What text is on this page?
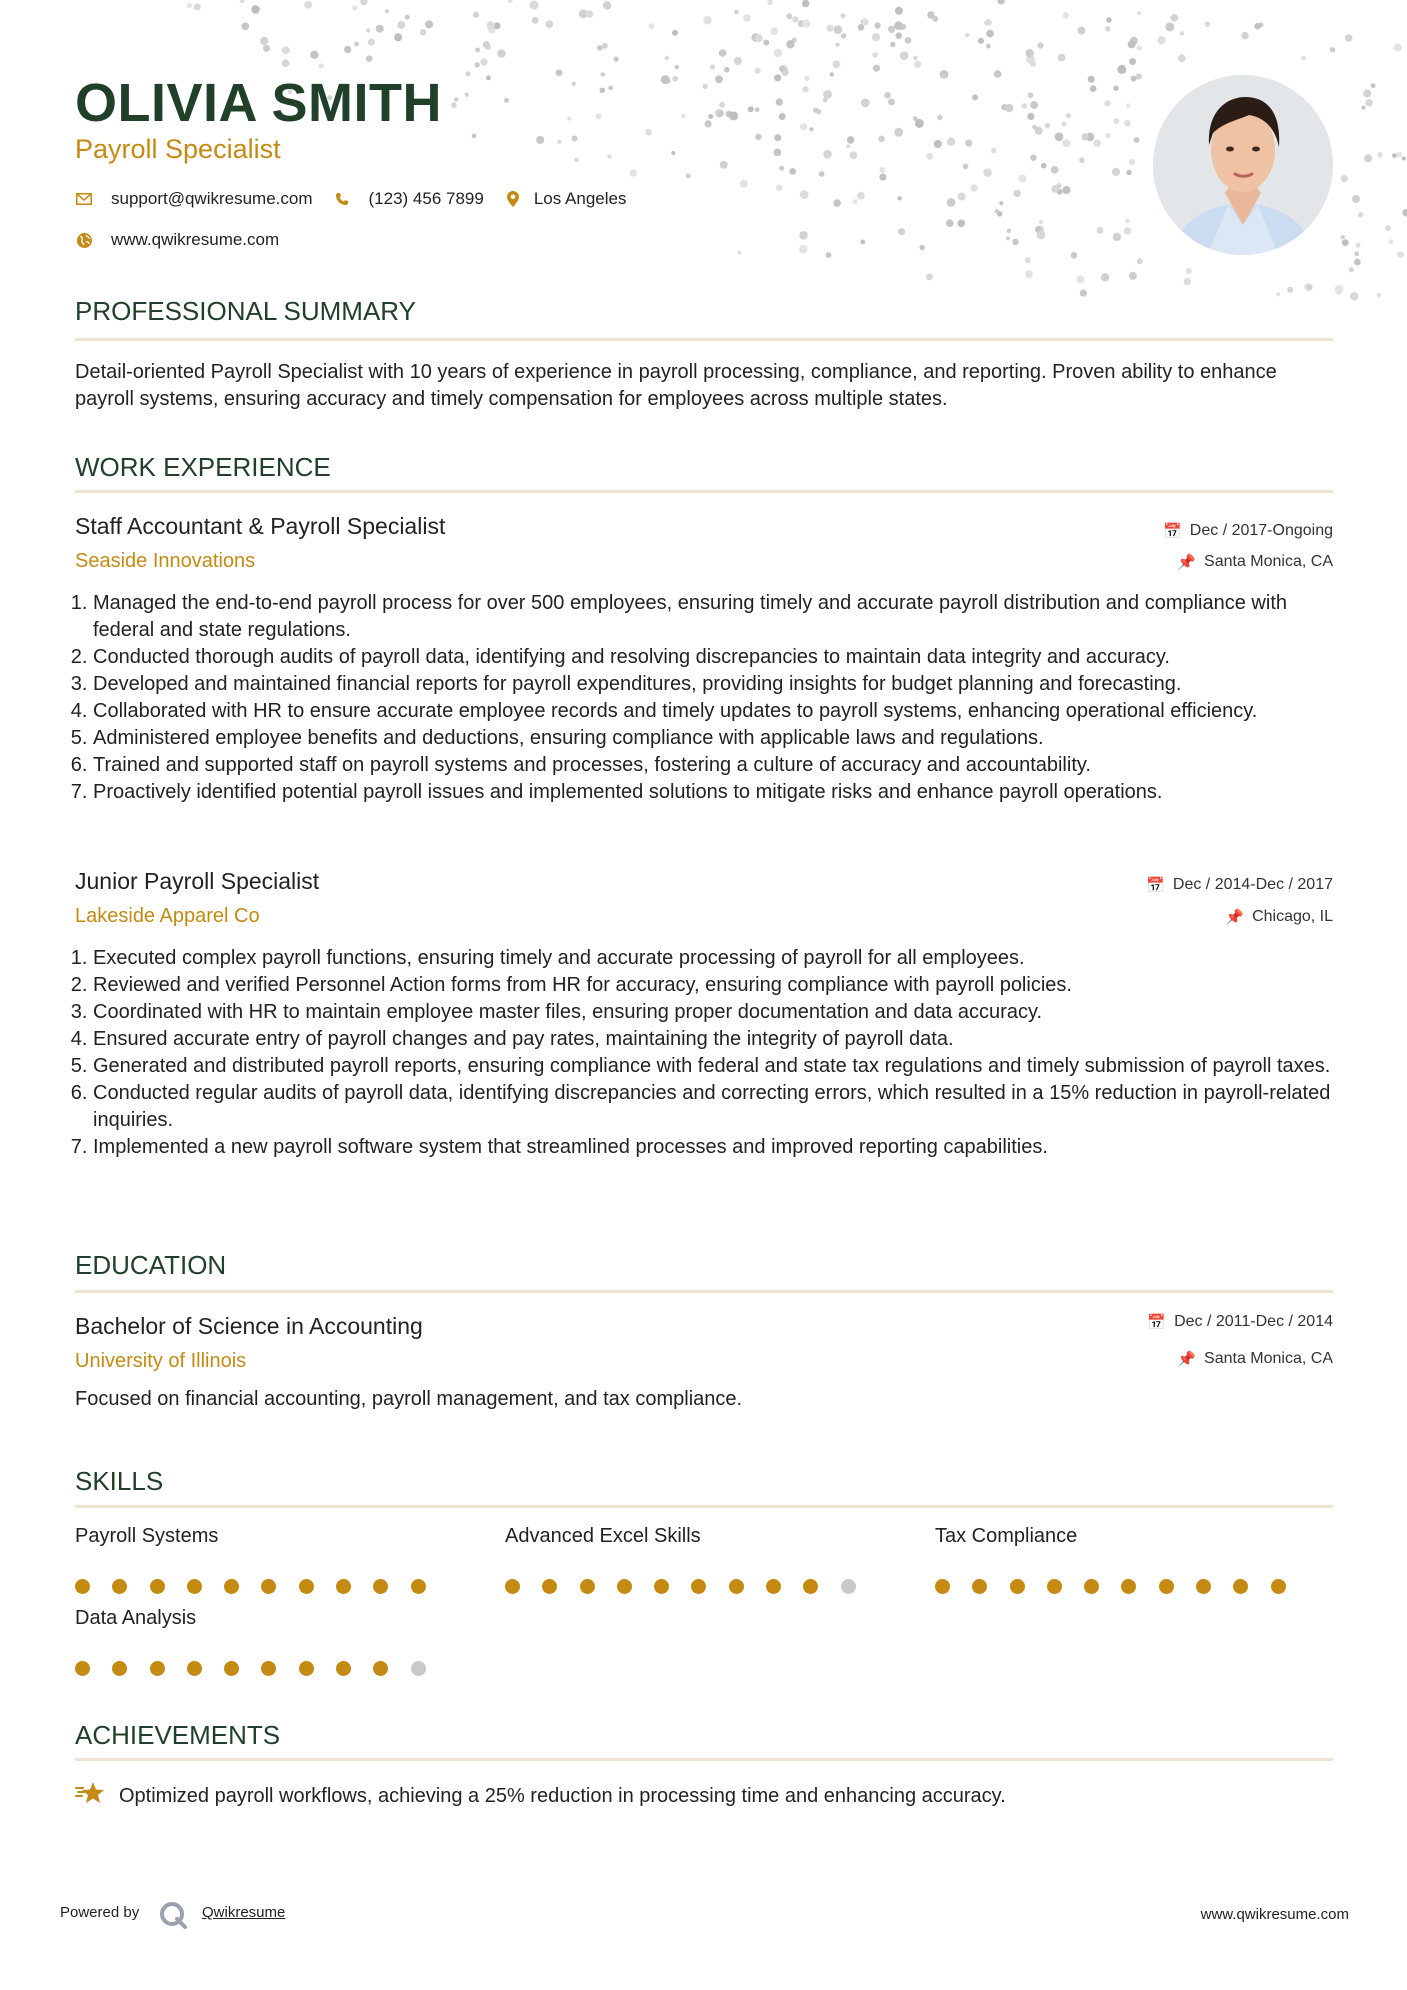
OLIVIA SMITH
Payroll Specialist
support@qwikresume.com	(123) 456 7899	Los Angeles
www.qwikresume.com
PROFESSIONAL SUMMARY

Detail-oriented Payroll Specialist with 10 years of experience in payroll processing, compliance, and reporting. Proven ability to enhance payroll systems, ensuring accuracy and timely compensation for employees across multiple states.

WORK EXPERIENCE
Staff Accountant & Payroll Specialist
Seaside Innovations
📅 Dec / 2017-Ongoing
📌 Santa Monica, CA
1. Managed the end-to-end payroll process for over 500 employees, ensuring timely and accurate payroll distribution and compliance with federal and state regulations.
2. Conducted thorough audits of payroll data, identifying and resolving discrepancies to maintain data integrity and accuracy.
3. Developed and maintained financial reports for payroll expenditures, providing insights for budget planning and forecasting.
4. Collaborated with HR to ensure accurate employee records and timely updates to payroll systems, enhancing operational efficiency.
5. Administered employee benefits and deductions, ensuring compliance with applicable laws and regulations.
6. Trained and supported staff on payroll systems and processes, fostering a culture of accuracy and accountability.
7. Proactively identified potential payroll issues and implemented solutions to mitigate risks and enhance payroll operations.
Junior Payroll Specialist
Lakeside Apparel Co
📅 Dec / 2014-Dec / 2017
📌 Chicago, IL
1. Executed complex payroll functions, ensuring timely and accurate processing of payroll for all employees.
2. Reviewed and verified Personnel Action forms from HR for accuracy, ensuring compliance with payroll policies.
3. Coordinated with HR to maintain employee master files, ensuring proper documentation and data accuracy.
4. Ensured accurate entry of payroll changes and pay rates, maintaining the integrity of payroll data.
5. Generated and distributed payroll reports, ensuring compliance with federal and state tax regulations and timely submission of payroll taxes.
6. Conducted regular audits of payroll data, identifying discrepancies and correcting errors, which resulted in a 15% reduction in payroll-related inquiries.
7. Implemented a new payroll software system that streamlined processes and improved reporting capabilities.
EDUCATION
Bachelor of Science in Accounting
University of Illinois
📅 Dec / 2011-Dec / 2014
📌 Santa Monica, CA

Focused on financial accounting, payroll management, and tax compliance.

SKILLS
Payroll Systems	Advanced Excel Skills	Tax Compliance
Data Analysis
ACHIEVEMENTS
Optimized payroll workflows, achieving a 25% reduction in processing time and enhancing accuracy.
Powered by	Qwikresume	www.qwikresume.com
